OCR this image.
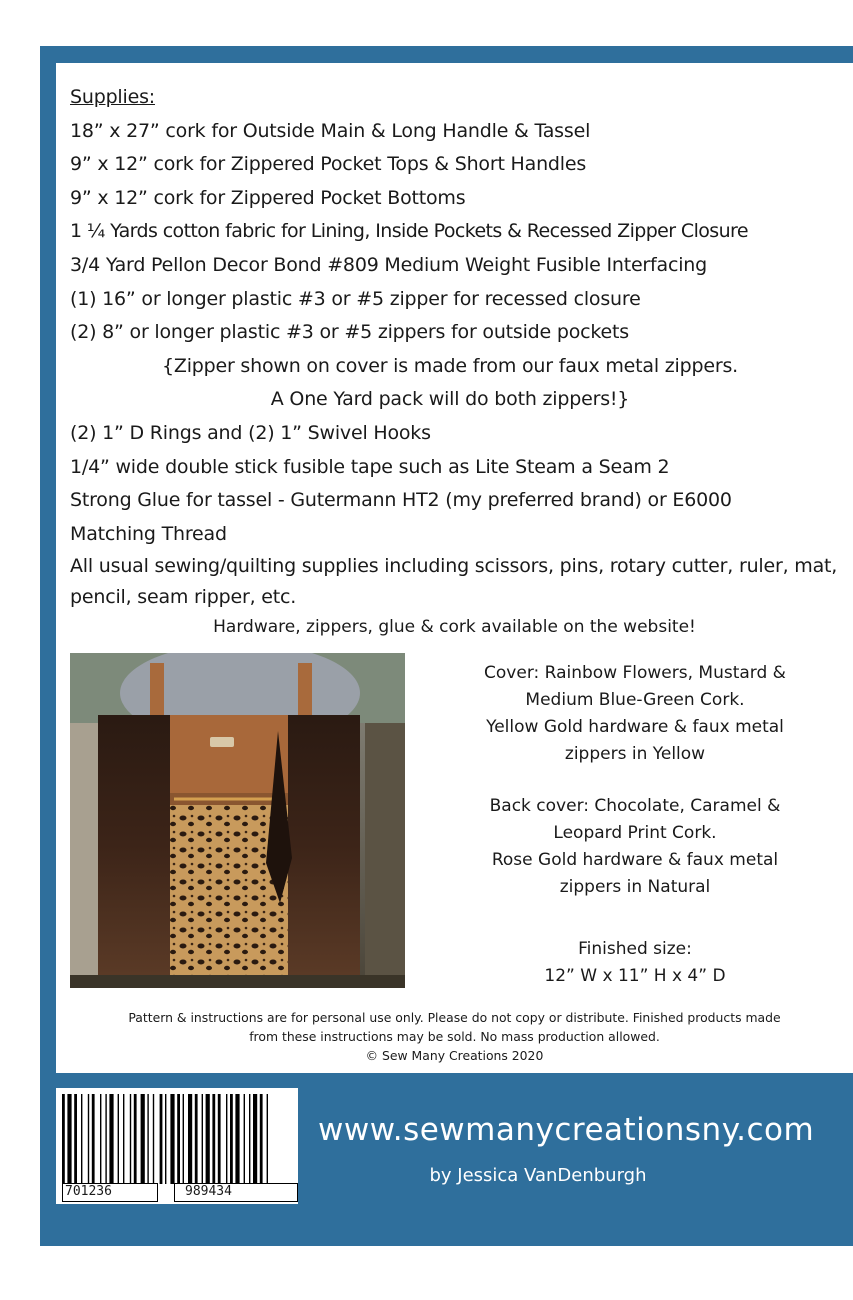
Supplies:
18” x 27” cork for Outside Main & Long Handle & Tassel
9” x 12” cork for Zippered Pocket Tops & Short Handles
9” x 12” cork for Zippered Pocket Bottoms
1 ¼ Yards cotton fabric for Lining, Inside Pockets & Recessed Zipper Closure
3/4 Yard Pellon Decor Bond #809 Medium Weight Fusible Interfacing
(1) 16” or longer plastic #3 or #5 zipper for recessed closure
(2) 8” or longer plastic #3 or #5 zippers for outside pockets
{Zipper shown on cover is made from our faux metal zippers.
A One Yard pack will do both zippers!}
(2) 1” D Rings and (2) 1” Swivel Hooks
1/4” wide double stick fusible tape such as Lite Steam a Seam 2
Strong Glue for tassel - Gutermann HT2 (my preferred brand) or E6000
Matching Thread
All usual sewing/quilting supplies including scissors, pins, rotary cutter, ruler, mat, pencil, seam ripper, etc.
Hardware, zippers, glue & cork available on the website!

Cover: Rainbow Flowers, Mustard &

Medium Blue-Green Cork.

Yellow Gold hardware & faux metal

zippers in Yellow

Back cover: Chocolate, Caramel &

Leopard Print Cork.

Rose Gold hardware & faux metal

zippers in Natural

Finished size:

12” W x 11” H x 4” D

Pattern & instructions are for personal use only. Please do not copy or distribute. Finished products made

from these instructions may be sold. No mass production allowed.

© Sew Many Creations 2020

701236	989434
www.sewmanycreationsny.com
by Jessica VanDenburgh
